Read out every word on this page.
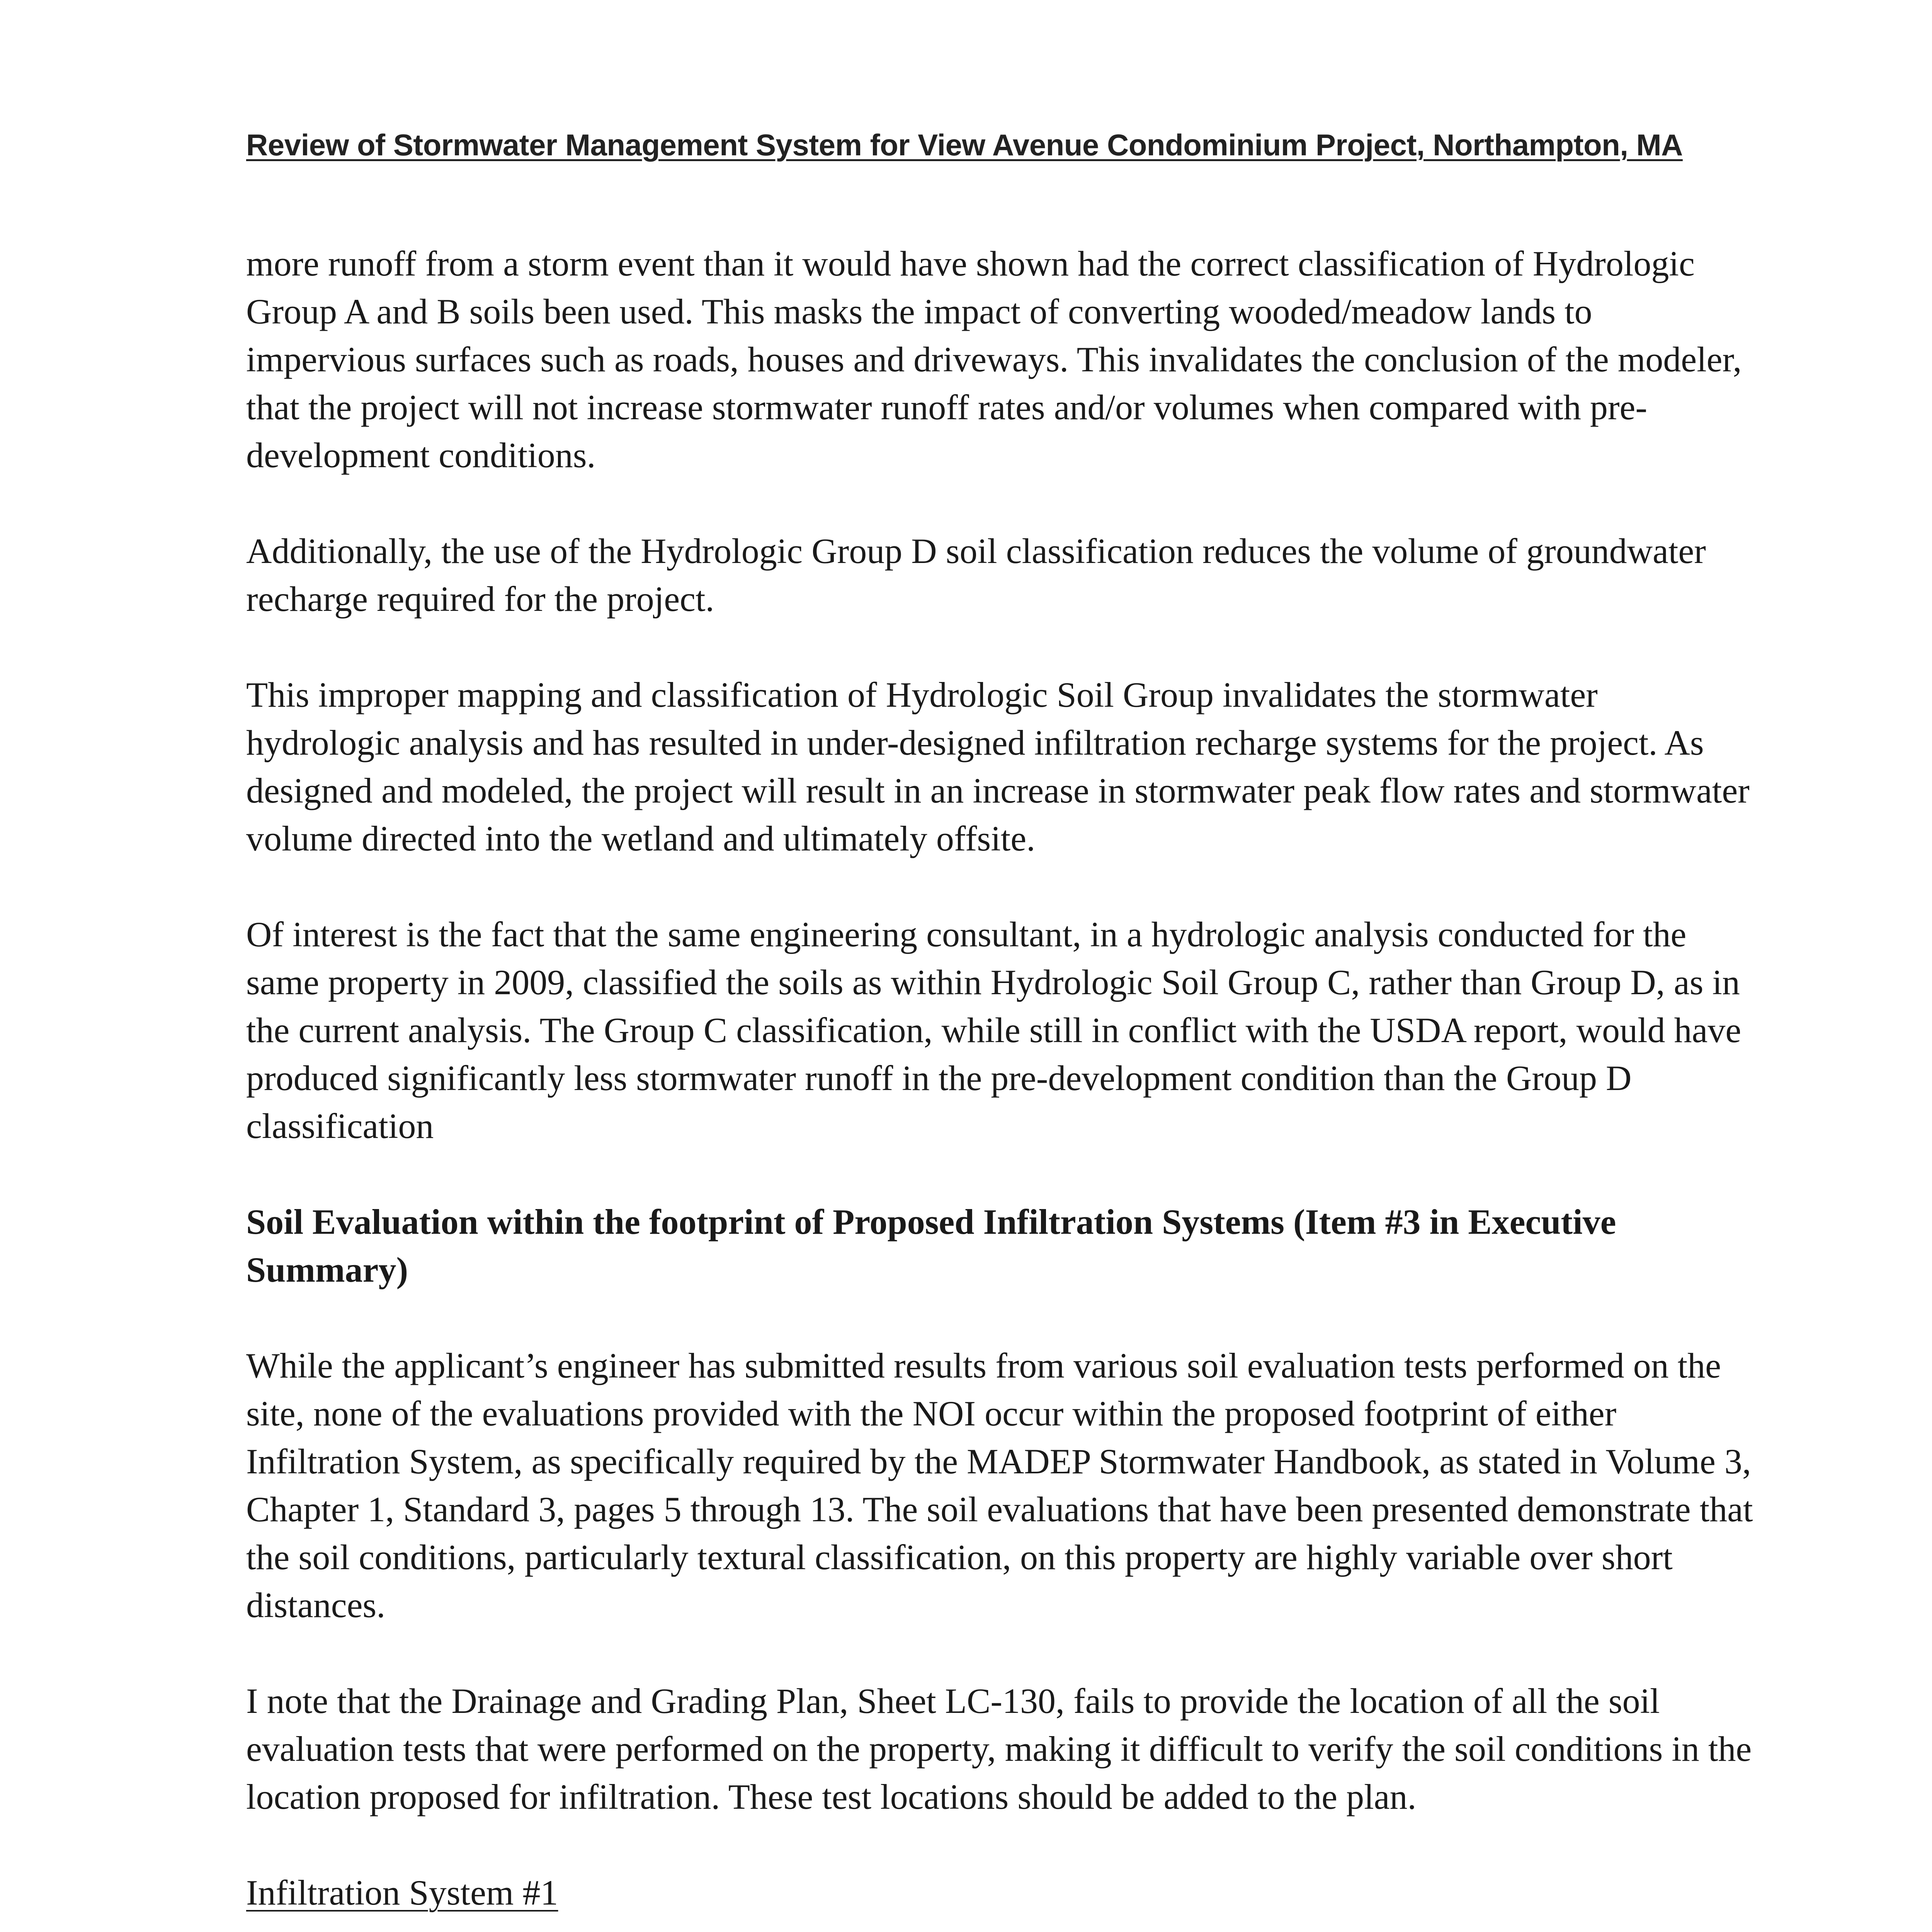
Review of Stormwater Management System for View Avenue Condominium Project, Northampton, MA

more runoff from a storm event than it would have shown had the correct classification of Hydrologic Group A and B soils been used. This masks the impact of converting wooded/meadow lands to impervious surfaces such as roads, houses and driveways. This invalidates the conclusion of the modeler, that the project will not increase stormwater runoff rates and/or volumes when compared with pre-development conditions.

Additionally, the use of the Hydrologic Group D soil classification reduces the volume of groundwater recharge required for the project.

This improper mapping and classification of Hydrologic Soil Group invalidates the stormwater hydrologic analysis and has resulted in under-designed infiltration recharge systems for the project. As designed and modeled, the project will result in an increase in stormwater peak flow rates and stormwater volume directed into the wetland and ultimately offsite.

Of interest is the fact that the same engineering consultant, in a hydrologic analysis conducted for the same property in 2009, classified the soils as within Hydrologic Soil Group C, rather than Group D, as in the current analysis. The Group C classification, while still in conflict with the USDA report, would have produced significantly less stormwater runoff in the pre-development condition than the Group D classification

Soil Evaluation within the footprint of Proposed Infiltration Systems (Item #3 in Executive Summary)

While the applicant’s engineer has submitted results from various soil evaluation tests performed on the site, none of the evaluations provided with the NOI occur within the proposed footprint of either Infiltration System, as specifically required by the MADEP Stormwater Handbook, as stated in Volume 3, Chapter 1, Standard 3, pages 5 through 13. The soil evaluations that have been presented demonstrate that the soil conditions, particularly textural classification, on this property are highly variable over short distances.

I note that the Drainage and Grading Plan, Sheet LC-130, fails to provide the location of all the soil evaluation tests that were performed on the property, making it difficult to verify the soil conditions in the location proposed for infiltration. These test locations should be added to the plan.

Infiltration System #1
